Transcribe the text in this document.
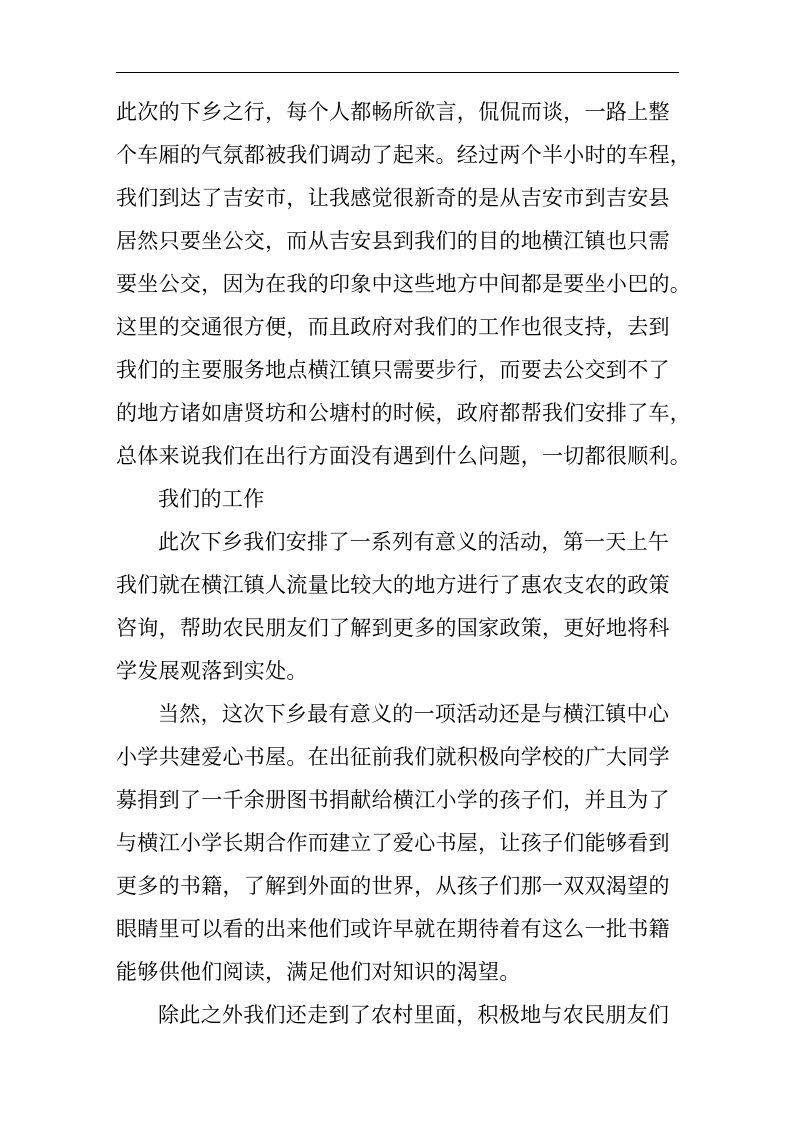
此次的下乡之行，每个人都畅所欲言，侃侃而谈，一路上整
个车厢的气氛都被我们调动了起来。经过两个半小时的车程，
我们到达了吉安市，让我感觉很新奇的是从吉安市到吉安县
居然只要坐公交，而从吉安县到我们的目的地横江镇也只需
要坐公交，因为在我的印象中这些地方中间都是要坐小巴的。
这里的交通很方便，而且政府对我们的工作也很支持，去到
我们的主要服务地点横江镇只需要步行，而要去公交到不了
的地方诸如唐贤坊和公塘村的时候，政府都帮我们安排了车，
总体来说我们在出行方面没有遇到什么问题，一切都很顺利。
我们的工作
此次下乡我们安排了一系列有意义的活动，第一天上午
我们就在横江镇人流量比较大的地方进行了惠农支农的政策
咨询，帮助农民朋友们了解到更多的国家政策，更好地将科
学发展观落到实处。
当然，这次下乡最有意义的一项活动还是与横江镇中心
小学共建爱心书屋。在出征前我们就积极向学校的广大同学
募捐到了一千余册图书捐献给横江小学的孩子们，并且为了
与横江小学长期合作而建立了爱心书屋，让孩子们能够看到
更多的书籍，了解到外面的世界，从孩子们那一双双渴望的
眼睛里可以看的出来他们或许早就在期待着有这么一批书籍
能够供他们阅读，满足他们对知识的渴望。
除此之外我们还走到了农村里面，积极地与农民朋友们
